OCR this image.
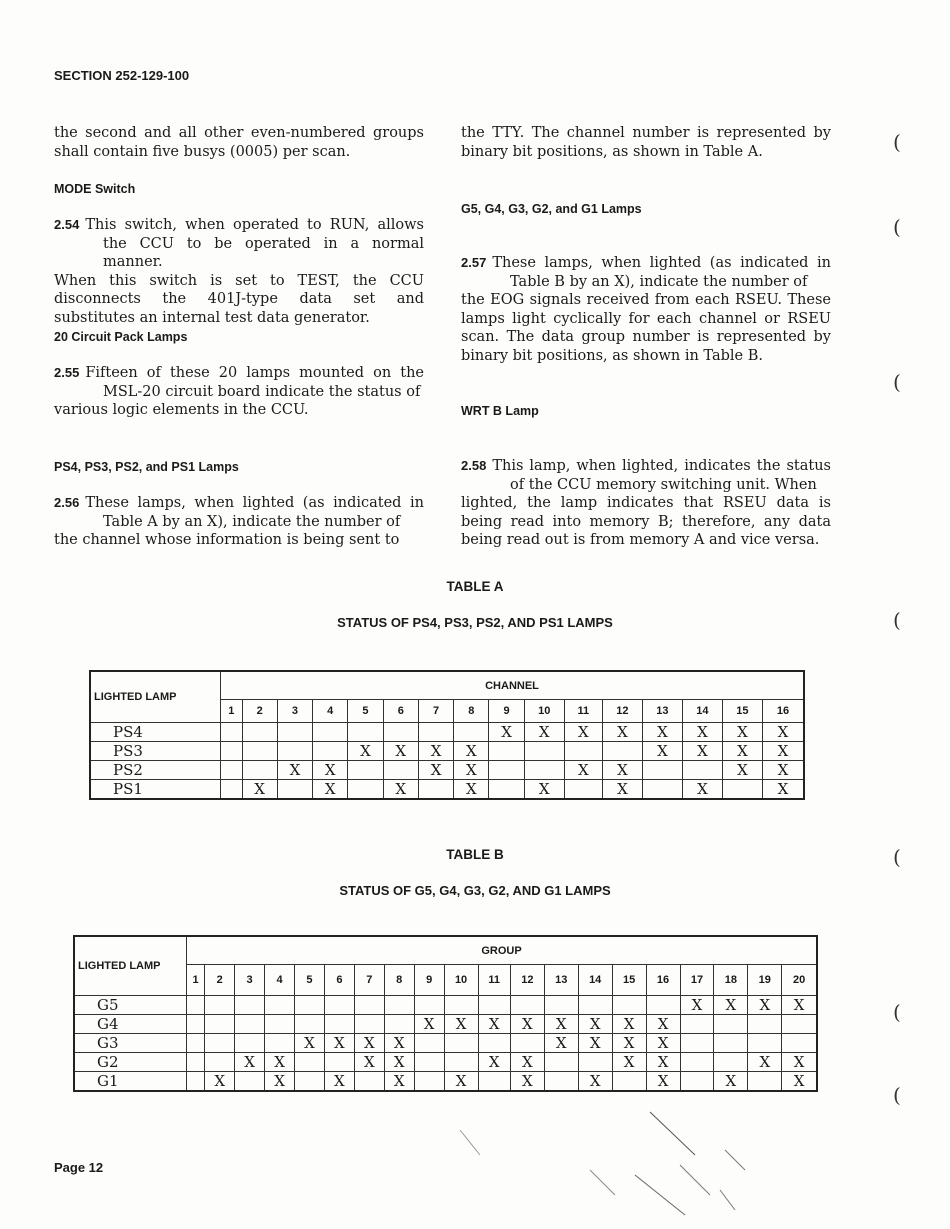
SECTION 252-129-100
the second and all other even-numbered groups shall contain five busys (0005) per scan.
MODE Switch
2.54 This switch, when operated to RUN, allows the CCU to be operated in a normal manner.
When this switch is set to TEST, the CCU disconnects the 401J-type data set and substitutes an internal test data generator.
20 Circuit Pack Lamps
2.55 Fifteen of these 20 lamps mounted on the MSL-20 circuit board indicate the status of
various logic elements in the CCU.
PS4, PS3, PS2, and PS1 Lamps
2.56 These lamps, when lighted (as indicated in Table A by an X), indicate the number of
the channel whose information is being sent to
the TTY. The channel number is represented by binary bit positions, as shown in Table A.
G5, G4, G3, G2, and G1 Lamps
2.57 These lamps, when lighted (as indicated in Table B by an X), indicate the number of
the EOG signals received from each RSEU. These lamps light cyclically for each channel or RSEU scan. The data group number is represented by binary bit positions, as shown in Table B.
WRT B Lamp
2.58 This lamp, when lighted, indicates the status of the CCU memory switching unit. When
lighted, the lamp indicates that RSEU data is being read into memory B; therefore, any data being read out is from memory A and vice versa.
TABLE A
STATUS OF PS4, PS3, PS2, AND PS1 LAMPS
LIGHTED LAMP	CHANNEL															
	1	2	3	4	5	6	7	8	9	10	11	12	13	14	15	16
PS4									X	X	X	X	X	X	X	X
PS3					X	X	X	X					X	X	X	X
PS2			X	X			X	X			X	X			X	X
PS1		X		X		X		X		X		X		X		X
TABLE B
STATUS OF G5, G4, G3, G2, AND G1 LAMPS
LIGHTED LAMP	GROUP																			
	1	2	3	4	5	6	7	8	9	10	11	12	13	14	15	16	17	18	19	20
G5																	X	X	X	X
G4									X	X	X	X	X	X	X	X				
G3					X	X	X	X					X	X	X	X				
G2			X	X			X	X			X	X			X	X			X	X
G1		X		X		X		X		X		X		X		X		X		X
(
(
(
(
(
(
(
Page 12
